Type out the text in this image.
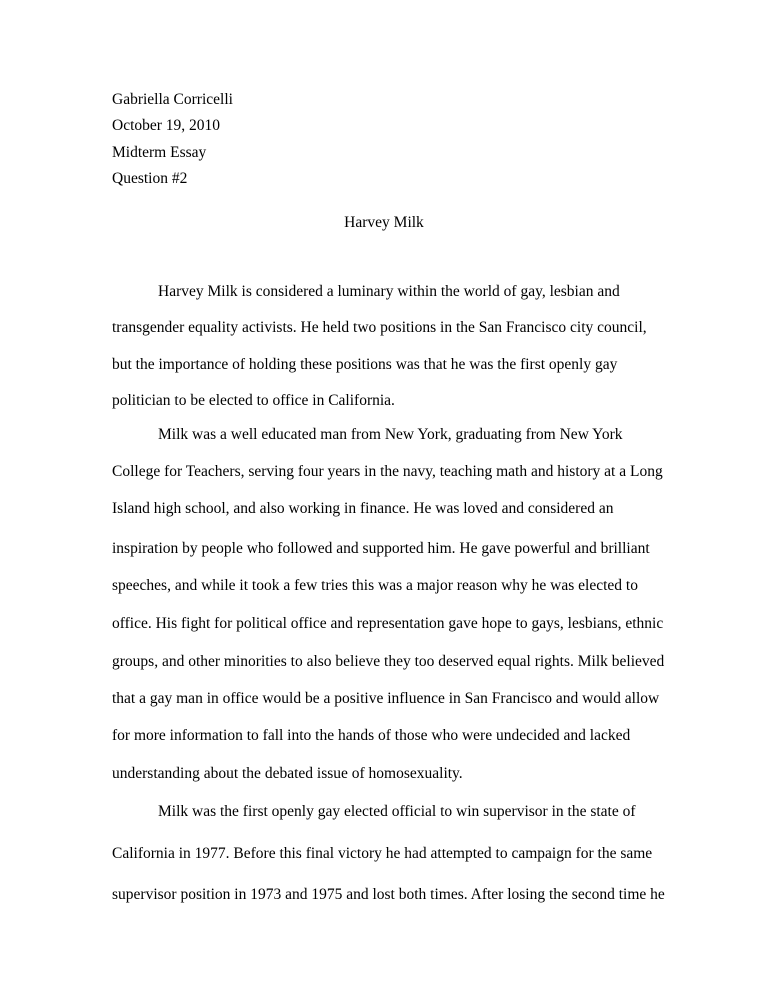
Gabriella Corricelli
October 19, 2010
Midterm Essay
Question #2
Harvey Milk
Harvey Milk is considered a luminary within the world of gay, lesbian and
transgender equality activists. He held two positions in the San Francisco city council,
but the importance of holding these positions was that he was the first openly gay
politician to be elected to office in California.
Milk was a well educated man from New York, graduating from New York
College for Teachers, serving four years in the navy, teaching math and history at a Long
Island high school, and also working in finance. He was loved and considered an
inspiration by people who followed and supported him. He gave powerful and brilliant
speeches, and while it took a few tries this was a major reason why he was elected to
office. His fight for political office and representation gave hope to gays, lesbians, ethnic
groups, and other minorities to also believe they too deserved equal rights. Milk believed
that a gay man in office would be a positive influence in San Francisco and would allow
for more information to fall into the hands of those who were undecided and lacked
understanding about the debated issue of homosexuality.
Milk was the first openly gay elected official to win supervisor in the state of
California in 1977. Before this final victory he had attempted to campaign for the same
supervisor position in 1973 and 1975 and lost both times. After losing the second time he
